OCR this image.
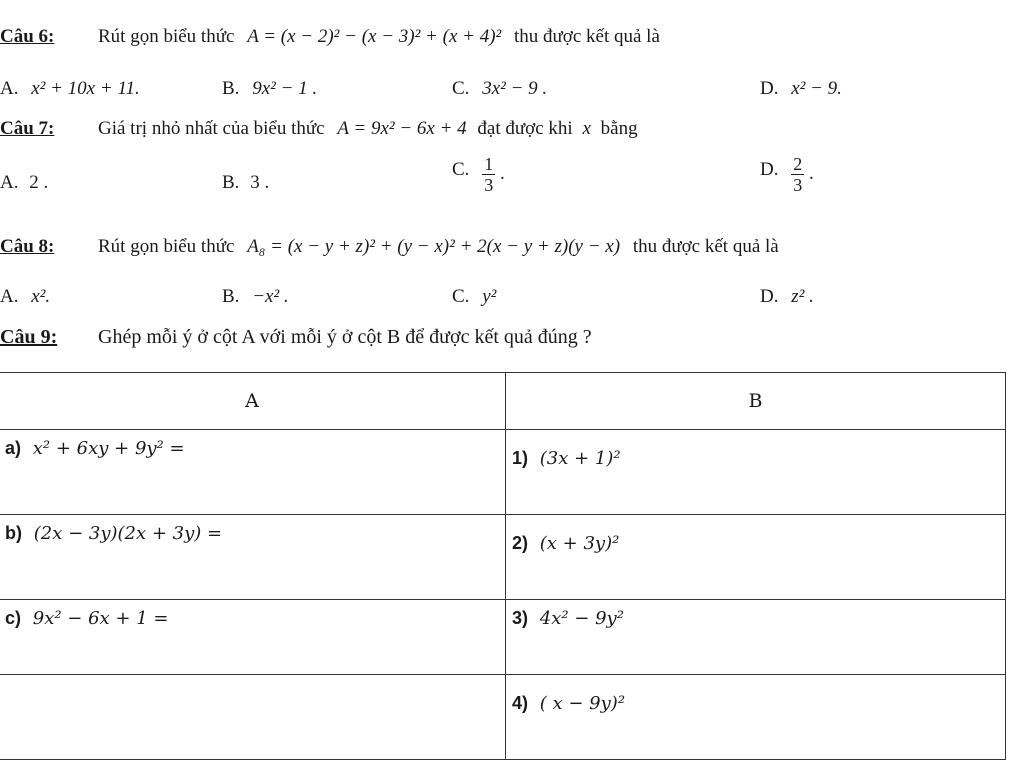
Câu 6: Rút gọn biểu thức A = (x − 2)² − (x − 3)² + (x + 4)² thu được kết quả là
A. x² + 10x + 11.	B. 9x² − 1 .	C. 3x² − 9 .	D. x² − 9.
Câu 7: Giá trị nhỏ nhất của biểu thức A = 9x² − 6x + 4 đạt được khi x bằng
A. 2 .	B. 3 .
C. $\frac{1}{3}$ .	D. $\frac{2}{3}$ .
Câu 8: Rút gọn biểu thức A₈ = (x − y + z)² + (y − x)² + 2(x − y + z)(y − x) thu được kết quả là
A. x².	B. −x² .	C. y²	D. z² .
Câu 9: Ghép mỗi ý ở cột A với mỗi ý ở cột B để được kết quả đúng ?
A	B
a) x² + 6xy + 9y² =	1) (3x + 1)²
b) (2x − 3y)(2x + 3y) =	2) (x + 3y)²
c) 9x² − 6x + 1 =	3) 4x² − 9y²
	4) ( x − 9y)²
